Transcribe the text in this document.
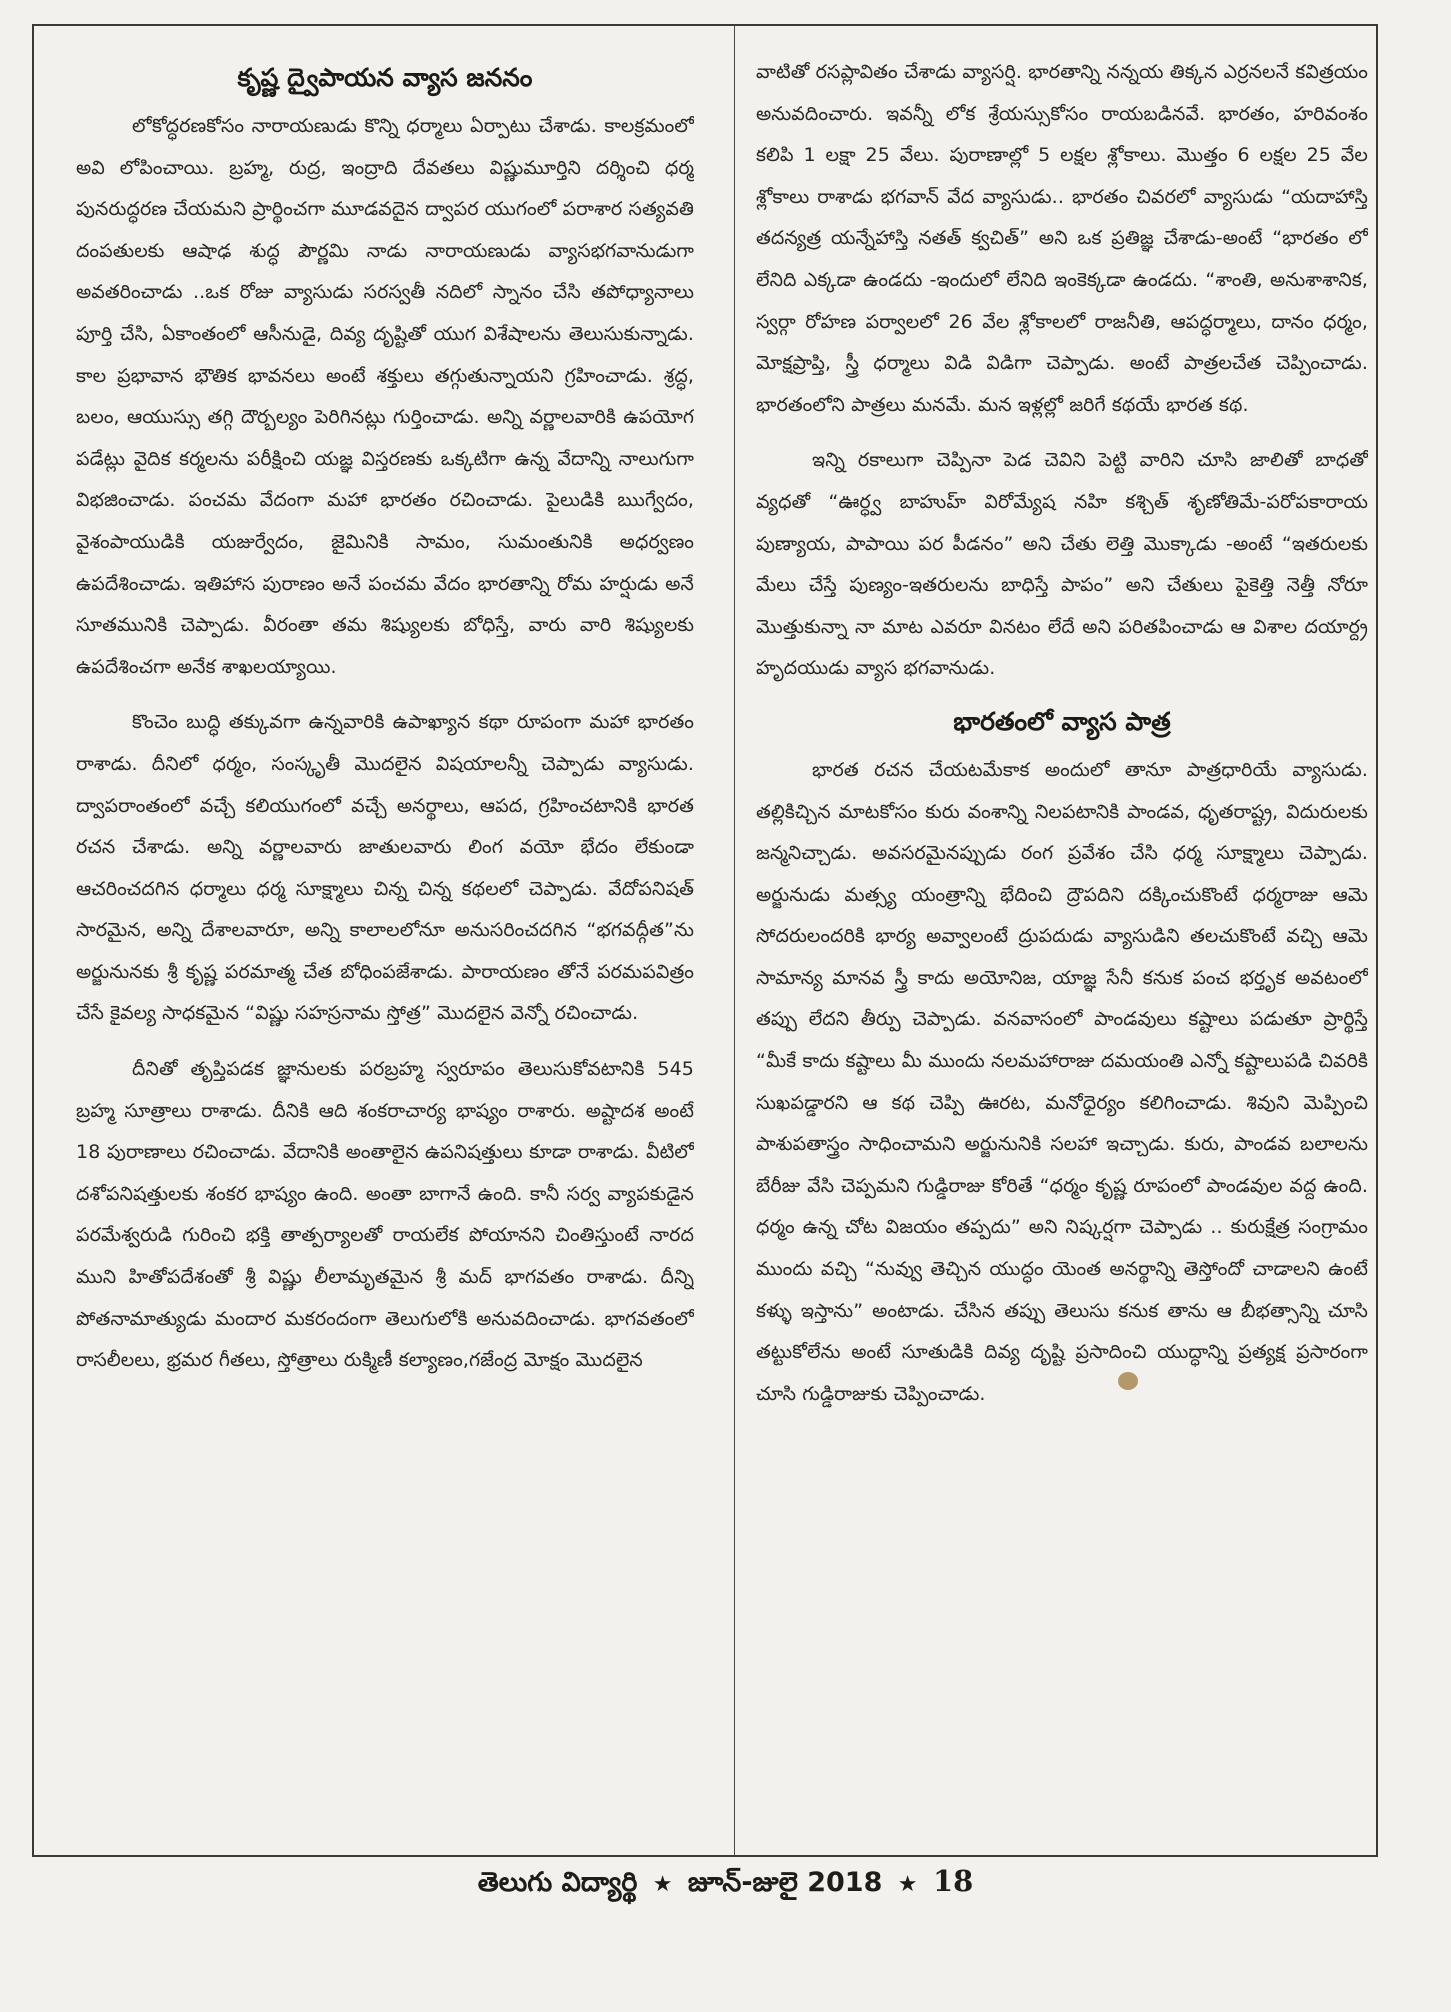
కృష్ణ ద్వైపాయన వ్యాస జననం

లోకోద్ధరణకోసం నారాయణుడు కొన్ని ధర్మాలు ఏర్పాటు చేశాడు. కాలక్రమంలో అవి లోపించాయి. బ్రహ్మ, రుద్ర, ఇంద్రాది దేవతలు విష్ణుమూర్తిని దర్శించి ధర్మ పునరుద్ధరణ చేయమని ప్రార్థించగా మూడవదైన ద్వాపర యుగంలో పరాశార సత్యవతి దంపతులకు ఆషాఢ శుద్ధ పౌర్ణమి నాడు నారాయణుడు వ్యాసభగవానుడుగా అవతరించాడు ..ఒక రోజు వ్యాసుడు సరస్వతీ నదిలో స్నానం చేసి తపోధ్యానాలు పూర్తి చేసి, ఏకాంతంలో ఆసీనుడై, దివ్య దృష్టితో యుగ విశేషాలను తెలుసుకున్నాడు. కాల ప్రభావాన భౌతిక భావనలు అంటే శక్తులు తగ్గుతున్నాయని గ్రహించాడు. శ్రద్ధ, బలం, ఆయుస్సు తగ్గి దౌర్బల్యం పెరిగినట్లు గుర్తించాడు. అన్ని వర్ణాలవారికి ఉపయోగ పడేట్లు వైదిక కర్మలను పరీక్షించి యజ్ఞ విస్తరణకు ఒక్కటిగా ఉన్న వేదాన్ని నాలుగుగా విభజించాడు. పంచమ వేదంగా మహా భారతం రచించాడు. పైలుడికి ఋగ్వేదం, వైశంపాయుడికి యజుర్వేదం, జైమినికి సామం, సుమంతునికి అధర్వణం ఉపదేశించాడు. ఇతిహాస పురాణం అనే పంచమ వేదం భారతాన్ని రోమ హర్షుడు అనే సూతమునికి చెప్పాడు. వీరంతా తమ శిష్యులకు బోధిస్తే, వారు వారి శిష్యులకు ఉపదేశించగా అనేక శాఖలయ్యాయి.

కొంచెం బుద్ధి తక్కువగా ఉన్నవారికి ఉపాఖ్యాన కథా రూపంగా మహా భారతం రాశాడు. దీనిలో ధర్మం, సంస్కృతీ మొదలైన విషయాలన్నీ చెప్పాడు వ్యాసుడు. ద్వాపరాంతంలో వచ్చే కలియుగంలో వచ్చే అనర్థాలు, ఆపద, గ్రహించటానికి భారత రచన చేశాడు. అన్ని వర్ణాలవారు జాతులవారు లింగ వయో భేదం లేకుండా ఆచరించదగిన ధర్మాలు ధర్మ సూక్ష్మాలు చిన్న చిన్న కథలలో చెప్పాడు. వేదోపనిషత్ సారమైన, అన్ని దేశాలవారూ, అన్ని కాలాలలోనూ అనుసరించదగిన “భగవద్గీత”ను అర్జునునకు శ్రీ కృష్ణ పరమాత్మ చేత బోధింపజేశాడు. పారాయణం తోనే పరమపవిత్రం చేసే కైవల్య సాధకమైన “విష్ణు సహస్రనామ స్తోత్ర” మొదలైన వెన్నో రచించాడు.

దీనితో తృప్తిపడక జ్ఞానులకు పరబ్రహ్మ స్వరూపం తెలుసుకోవటానికి 545 బ్రహ్మ సూత్రాలు రాశాడు. దీనికి ఆది శంకరాచార్య భాష్యం రాశారు. అష్టాదశ అంటే 18 పురాణాలు రచించాడు. వేదానికి అంతాలైన ఉపనిషత్తులు కూడా రాశాడు. వీటిలో దశోపనిషత్తులకు శంకర భాష్యం ఉంది. అంతా బాగానే ఉంది. కానీ సర్వ వ్యాపకుడైన పరమేశ్వరుడి గురించి భక్తి తాత్పర్యాలతో రాయలేక పోయానని చింతిస్తుంటే నారద ముని హితోపదేశంతో శ్రీ విష్ణు లీలామృతమైన శ్రీ మద్ భాగవతం రాశాడు. దీన్ని పోతనామాత్యుడు మందార మకరందంగా తెలుగులోకి అనువదించాడు. భాగవతంలో రాసలీలలు, భ్రమర గీతలు, స్తోత్రాలు రుక్మిణీ కల్యాణం,గజేంద్ర మోక్షం మొదలైన

వాటితో రసప్లావితం చేశాడు వ్యాసర్షి. భారతాన్ని నన్నయ తిక్కన ఎర్రనలనే కవిత్రయం అనువదించారు. ఇవన్నీ లోక శ్రేయస్సుకోసం రాయబడినవే. భారతం, హరివంశం కలిపి 1 లక్షా 25 వేలు. పురాణాల్లో 5 లక్షల శ్లోకాలు. మొత్తం 6 లక్షల 25 వేల శ్లోకాలు రాశాడు భగవాన్ వేద వ్యాసుడు.. భారతం చివరలో వ్యాసుడు “యదాహాస్తి తదన్యత్ర యన్నేహాస్తి నతత్ క్వచిత్” అని ఒక ప్రతిజ్ఞ చేశాడు-అంటే “భారతం లో లేనిది ఎక్కడా ఉండదు -ఇందులో లేనిది ఇంకెక్కడా ఉండదు. “శాంతి, అనుశాశానిక, స్వర్గా రోహణ పర్వాలలో 26 వేల శ్లోకాలలో రాజనీతి, ఆపద్ధర్మాలు, దానం ధర్మం, మోక్షప్రాప్తి, స్త్రీ ధర్మాలు విడి విడిగా చెప్పాడు. అంటే పాత్రలచేత చెప్పించాడు. భారతంలోని పాత్రలు మనమే. మన ఇళ్లల్లో జరిగే కథయే భారత కథ.

ఇన్ని రకాలుగా చెప్పినా పెడ చెవిని పెట్టి వారిని చూసి జాలితో బాధతో వ్యధతో “ఊర్ధ్వ బాహుహ్ విరోమ్యేష నహి కశ్చిత్ శృణోతిమే-పరోపకారాయ పుణ్యాయ, పాపాయి పర పీడనం” అని చేతు లెత్తి మొక్కాడు -అంటే “ఇతరులకు మేలు చేస్తే పుణ్యం-ఇతరులను బాధిస్తే పాపం” అని చేతులు పైకెత్తి నెత్తీ నోరూ మొత్తుకున్నా నా మాట ఎవరూ వినటం లేదే అని పరితపించాడు ఆ విశాల దయార్ద్ర హృదయుడు వ్యాస భగవానుడు.

భారతంలో వ్యాస పాత్ర

భారత రచన చేయటమేకాక అందులో తానూ పాత్రధారియే వ్యాసుడు. తల్లికిచ్చిన మాటకోసం కురు వంశాన్ని నిలపటానికి పాండవ, ధృతరాష్ట్ర, విదురులకు జన్మనిచ్చాడు. అవసరమైనప్పుడు రంగ ప్రవేశం చేసి ధర్మ సూక్ష్మాలు చెప్పాడు. అర్జునుడు మత్స్య యంత్రాన్ని భేదించి ద్రౌపదిని దక్కించుకొంటే ధర్మరాజు ఆమె సోదరులందరికి భార్య అవ్వాలంటే ద్రుపదుడు వ్యాసుడిని తలచుకొంటే వచ్చి ఆమె సామాన్య మానవ స్త్రీ కాదు అయోనిజ, యాజ్ఞ సేనీ కనుక పంచ భర్తృక అవటంలో తప్పు లేదని తీర్పు చెప్పాడు. వనవాసంలో పాండవులు కష్టాలు పడుతూ ప్రార్థిస్తే “మీకే కాదు కష్టాలు మీ ముందు నలమహారాజు దమయంతి ఎన్నో కష్టాలుపడి చివరికి సుఖపడ్డారని ఆ కథ చెప్పి ఊరట, మనోధైర్యం కలిగించాడు. శివుని మెప్పించి పాశుపతాస్త్రం సాధించామని అర్జునునికి సలహా ఇచ్చాడు. కురు, పాండవ బలాలను బేరీజు వేసి చెప్పమని గుడ్డిరాజు కోరితే “ధర్మం కృష్ణ రూపంలో పాండవుల వద్ద ఉంది. ధర్మం ఉన్న చోట విజయం తప్పదు” అని నిష్కర్షగా చెప్పాడు .. కురుక్షేత్ర సంగ్రామం ముందు వచ్చి “నువ్వు తెచ్చిన యుద్ధం యెంత అనర్థాన్ని తెస్తోందో చాడాలని ఉంటే కళ్ళు ఇస్తాను” అంటాడు. చేసిన తప్పు తెలుసు కనుక తాను ఆ బీభత్సాన్ని చూసి తట్టుకోలేను అంటే సూతుడికి దివ్య దృష్టి ప్రసాదించి యుద్ధాన్ని ప్రత్యక్ష ప్రసారంగా చూసి గుడ్డిరాజుకు చెప్పించాడు.

తెలుగు విద్యార్థి ★ జూన్-జులై 2018 ★ 18
